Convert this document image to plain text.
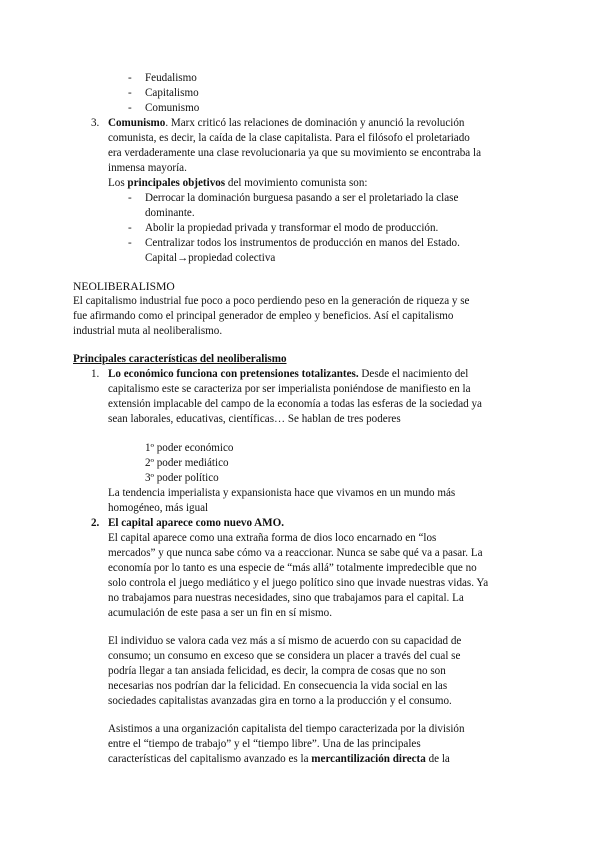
- Feudalismo
- Capitalismo
- Comunismo
3. Comunismo. Marx criticó las relaciones de dominación y anunció la revolución
comunista, es decir, la caída de la clase capitalista. Para el filósofo el proletariado
era verdaderamente una clase revolucionaria ya que su movimiento se encontraba la
inmensa mayoría.
Los principales objetivos del movimiento comunista son:
- Derrocar la dominación burguesa pasando a ser el proletariado la clase
dominante.
- Abolir la propiedad privada y transformar el modo de producción.
- Centralizar todos los instrumentos de producción en manos del Estado.
Capital→propiedad colectiva
NEOLIBERALISMO
El capitalismo industrial fue poco a poco perdiendo peso en la generación de riqueza y se
fue afirmando como el principal generador de empleo y beneficios. Así el capitalismo
industrial muta al neoliberalismo.
Principales características del neoliberalismo
1. Lo económico funciona con pretensiones totalizantes. Desde el nacimiento del
capitalismo este se caracteriza por ser imperialista poniéndose de manifiesto en la
extensión implacable del campo de la economía a todas las esferas de la sociedad ya
sean laborales, educativas, científicas… Se hablan de tres poderes
1º poder económico
2º poder mediático
3º poder político
La tendencia imperialista y expansionista hace que vivamos en un mundo más
homogéneo, más igual
2. El capital aparece como nuevo AMO.
El capital aparece como una extraña forma de dios loco encarnado en “los
mercados” y que nunca sabe cómo va a reaccionar. Nunca se sabe qué va a pasar. La
economía por lo tanto es una especie de “más allá” totalmente impredecible que no
solo controla el juego mediático y el juego político sino que invade nuestras vidas. Ya
no trabajamos para nuestras necesidades, sino que trabajamos para el capital. La
acumulación de este pasa a ser un fin en sí mismo.
El individuo se valora cada vez más a sí mismo de acuerdo con su capacidad de
consumo; un consumo en exceso que se considera un placer a través del cual se
podría llegar a tan ansiada felicidad, es decir, la compra de cosas que no son
necesarias nos podrían dar la felicidad. En consecuencia la vida social en las
sociedades capitalistas avanzadas gira en torno a la producción y el consumo.
Asistimos a una organización capitalista del tiempo caracterizada por la división
entre el “tiempo de trabajo” y el “tiempo libre”. Una de las principales
características del capitalismo avanzado es la mercantilización directa de la
